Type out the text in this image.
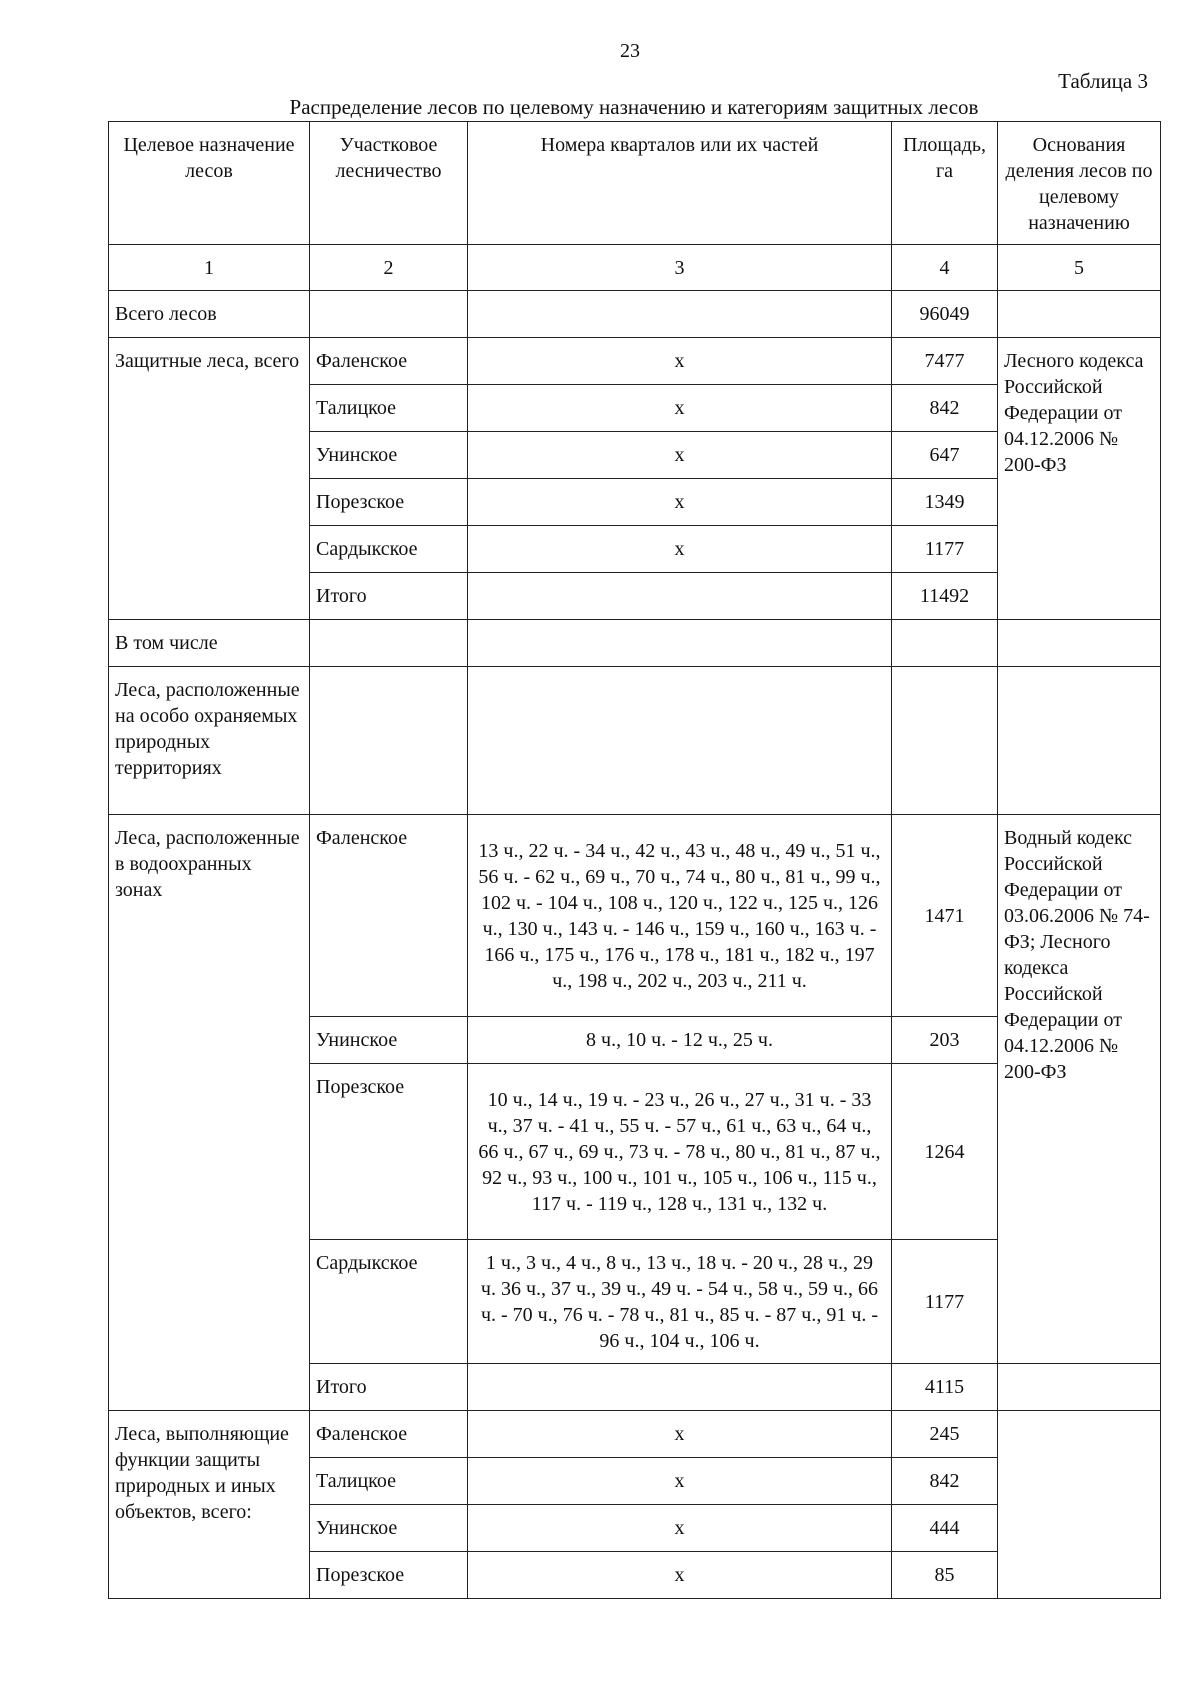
23
Таблица 3
Распределение лесов по целевому назначению и категориям защитных лесов
Целевое назначение лесов	Участковое лесничество	Номера кварталов или их частей	Площадь, га	Основания деления лесов по целевому назначению
1	2	3	4	5
Всего лесов			96049	
Защитные леса, всего	Фаленское	х	7477	Лесного кодекса Российской Федерации от 04.12.2006 № 200-ФЗ
	Талицкое	х	842	
	Унинское	х	647	
	Порезское	х	1349	
	Сардыкское	х	1177	
	Итого		11492	
В том числе				
Леса, расположенные на особо охраняемых природных территориях				
Леса, расположенные в водоохранных зонах	Фаленское	13 ч., 22 ч. - 34 ч., 42 ч., 43 ч., 48 ч., 49 ч., 51 ч., 56 ч. - 62 ч., 69 ч., 70 ч., 74 ч., 80 ч., 81 ч., 99 ч., 102 ч. - 104 ч., 108 ч., 120 ч., 122 ч., 125 ч., 126 ч., 130 ч., 143 ч. - 146 ч., 159 ч., 160 ч., 163 ч. - 166 ч., 175 ч., 176 ч., 178 ч., 181 ч., 182 ч., 197 ч., 198 ч., 202 ч., 203 ч., 211 ч.	1471	Водный кодекс Российской Федерации от 03.06.2006 № 74-ФЗ; Лесного кодекса Российской Федерации от 04.12.2006 № 200-ФЗ
	Унинское	8 ч., 10 ч. - 12 ч., 25 ч.	203	
	Порезское	10 ч., 14 ч., 19 ч. - 23 ч., 26 ч., 27 ч., 31 ч. - 33 ч., 37 ч. - 41 ч., 55 ч. - 57 ч., 61 ч., 63 ч., 64 ч., 66 ч., 67 ч., 69 ч., 73 ч. - 78 ч., 80 ч., 81 ч., 87 ч., 92 ч., 93 ч., 100 ч., 101 ч., 105 ч., 106 ч., 115 ч., 117 ч. - 119 ч., 128 ч., 131 ч., 132 ч.	1264	
	Сардыкское	1 ч., 3 ч., 4 ч., 8 ч., 13 ч., 18 ч. - 20 ч., 28 ч., 29 ч. 36 ч., 37 ч., 39 ч., 49 ч. - 54 ч., 58 ч., 59 ч., 66 ч. - 70 ч., 76 ч. - 78 ч., 81 ч., 85 ч. - 87 ч., 91 ч. - 96 ч., 104 ч., 106 ч.	1177	
	Итого		4115	
Леса, выполняющие функции защиты природных и иных объектов, всего:	Фаленское	х	245	
	Талицкое	х	842	
	Унинское	х	444	
	Порезское	х	85	
